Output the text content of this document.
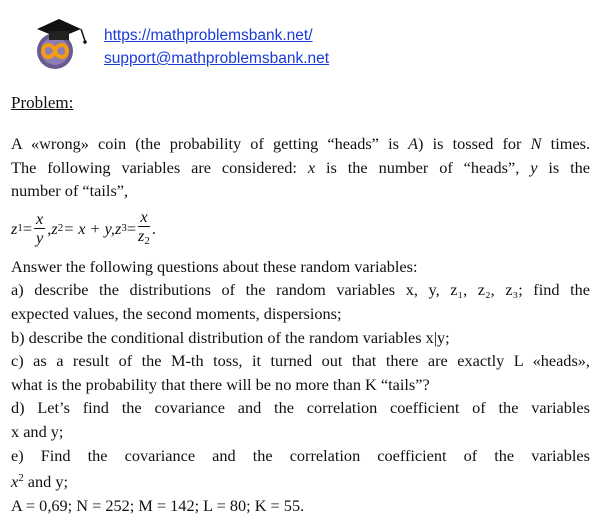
https://mathproblemsbank.net/
support@mathproblemsbank.net
Problem:
A «wrong» coin (the probability of getting “heads” is A) is tossed for N times.
The following variables are considered: x is the number of “heads”, y is the
number of “tails”,
z $1 = \frac{x}{y}$ , z 2 = x + y, z $3 = \frac{x}{z_2}$ .
Answer the following questions about these random variables:
a) describe the distributions of the random variables x, y, z₁, z₂, z₃; find the
expected values, the second moments, dispersions;
b) describe the conditional distribution of the random variables x|y;
c) as a result of the M-th toss, it turned out that there are exactly L «heads»,
what is the probability that there will be no more than K “tails”?
d) Let’s find the covariance and the correlation coefficient of the variables
x and y;
e) Find the covariance and the correlation coefficient of the variables
$x^2$ and y;
A = 0,69; N = 252; M = 142; L = 80; K = 55.
